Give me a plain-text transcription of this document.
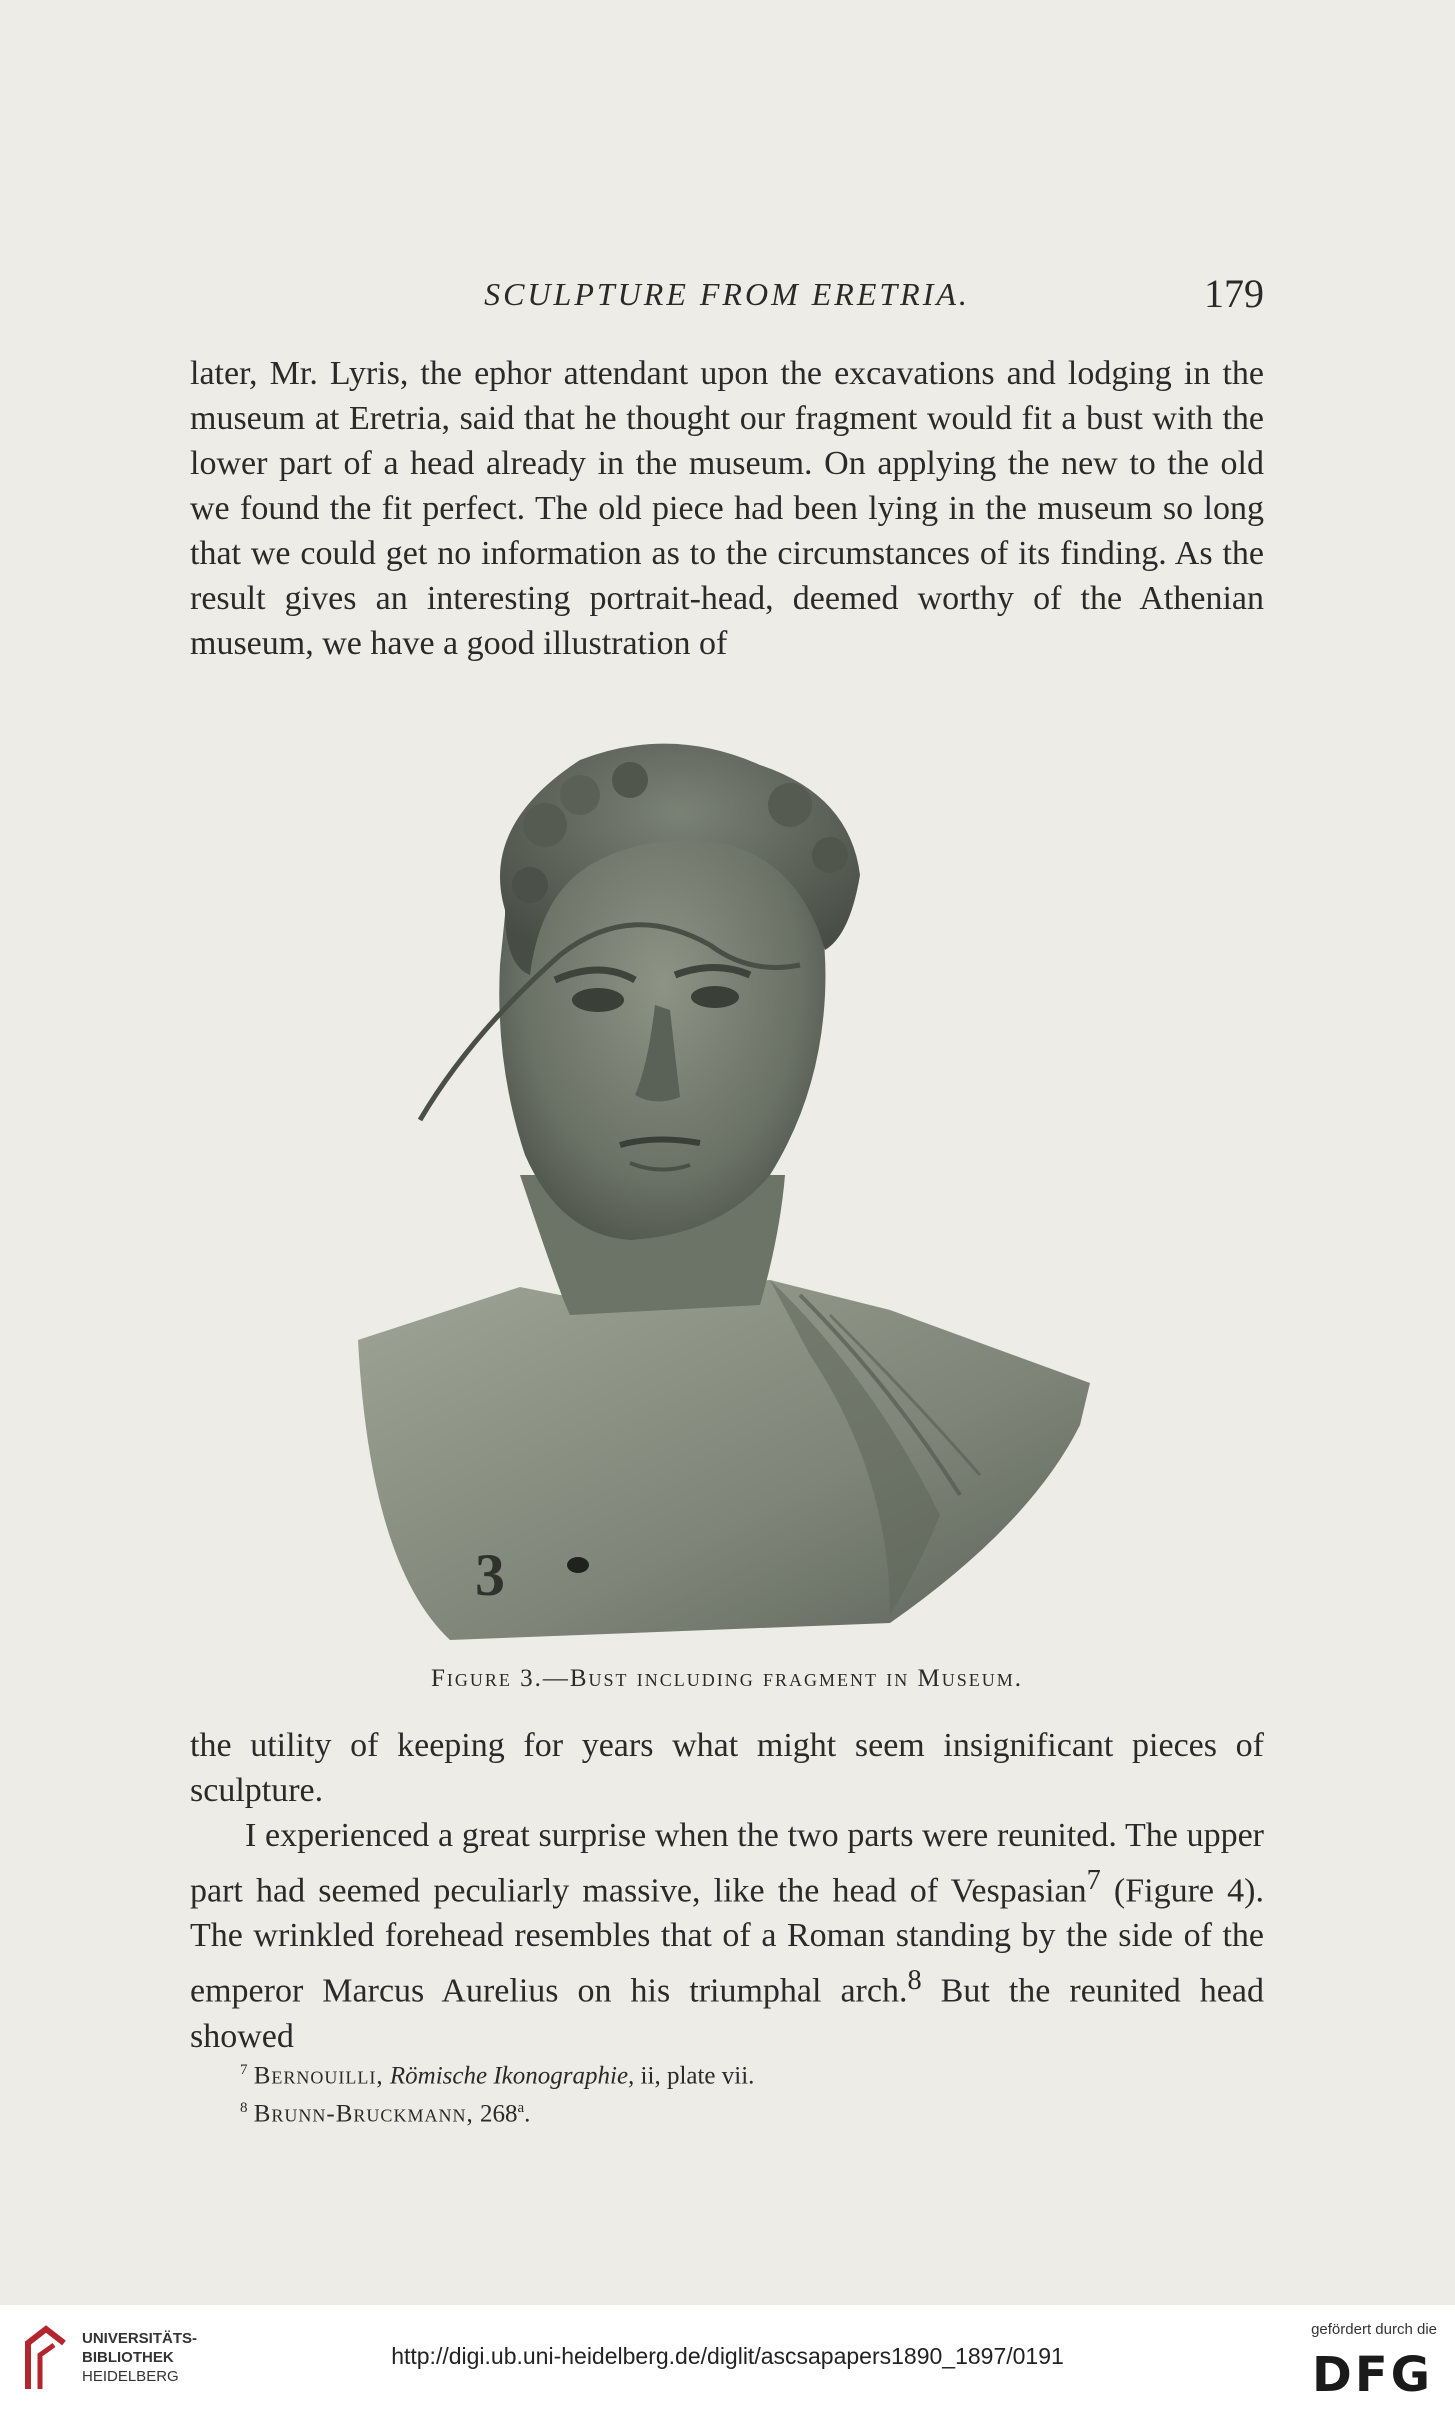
SCULPTURE FROM ERETRIA.	179

later, Mr. Lyris, the ephor attendant upon the excavations and lodging in the museum at Eretria, said that he thought our fragment would fit a bust with the lower part of a head already in the museum. On applying the new to the old we found the fit perfect. The old piece had been lying in the museum so long that we could get no information as to the circumstances of its finding. As the result gives an interesting portrait-head, deemed worthy of the Athenian museum, we have a good illustration of

3
Figure 3.—Bust including fragment in Museum.

the utility of keeping for years what might seem insignificant pieces of sculpture.

I experienced a great surprise when the two parts were reunited. The upper part had seemed peculiarly massive, like the head of Vespasian$^7$ (Figure 4). The wrinkled forehead resembles that of a Roman standing by the side of the emperor Marcus Aurelius on his triumphal arch.$^8$ But the reunited head showed

$^7$ Bernouilli, Römische Ikonographie, ii, plate vii.
$^8$ Brunn-Bruckmann, 268$^a$.
UNIVERSITÄTS-
BIBLIOTHEK
HEIDELBERG
http://digi.ub.uni-heidelberg.de/diglit/ascsapapers1890_1897/0191
gefördert durch die
DFG
